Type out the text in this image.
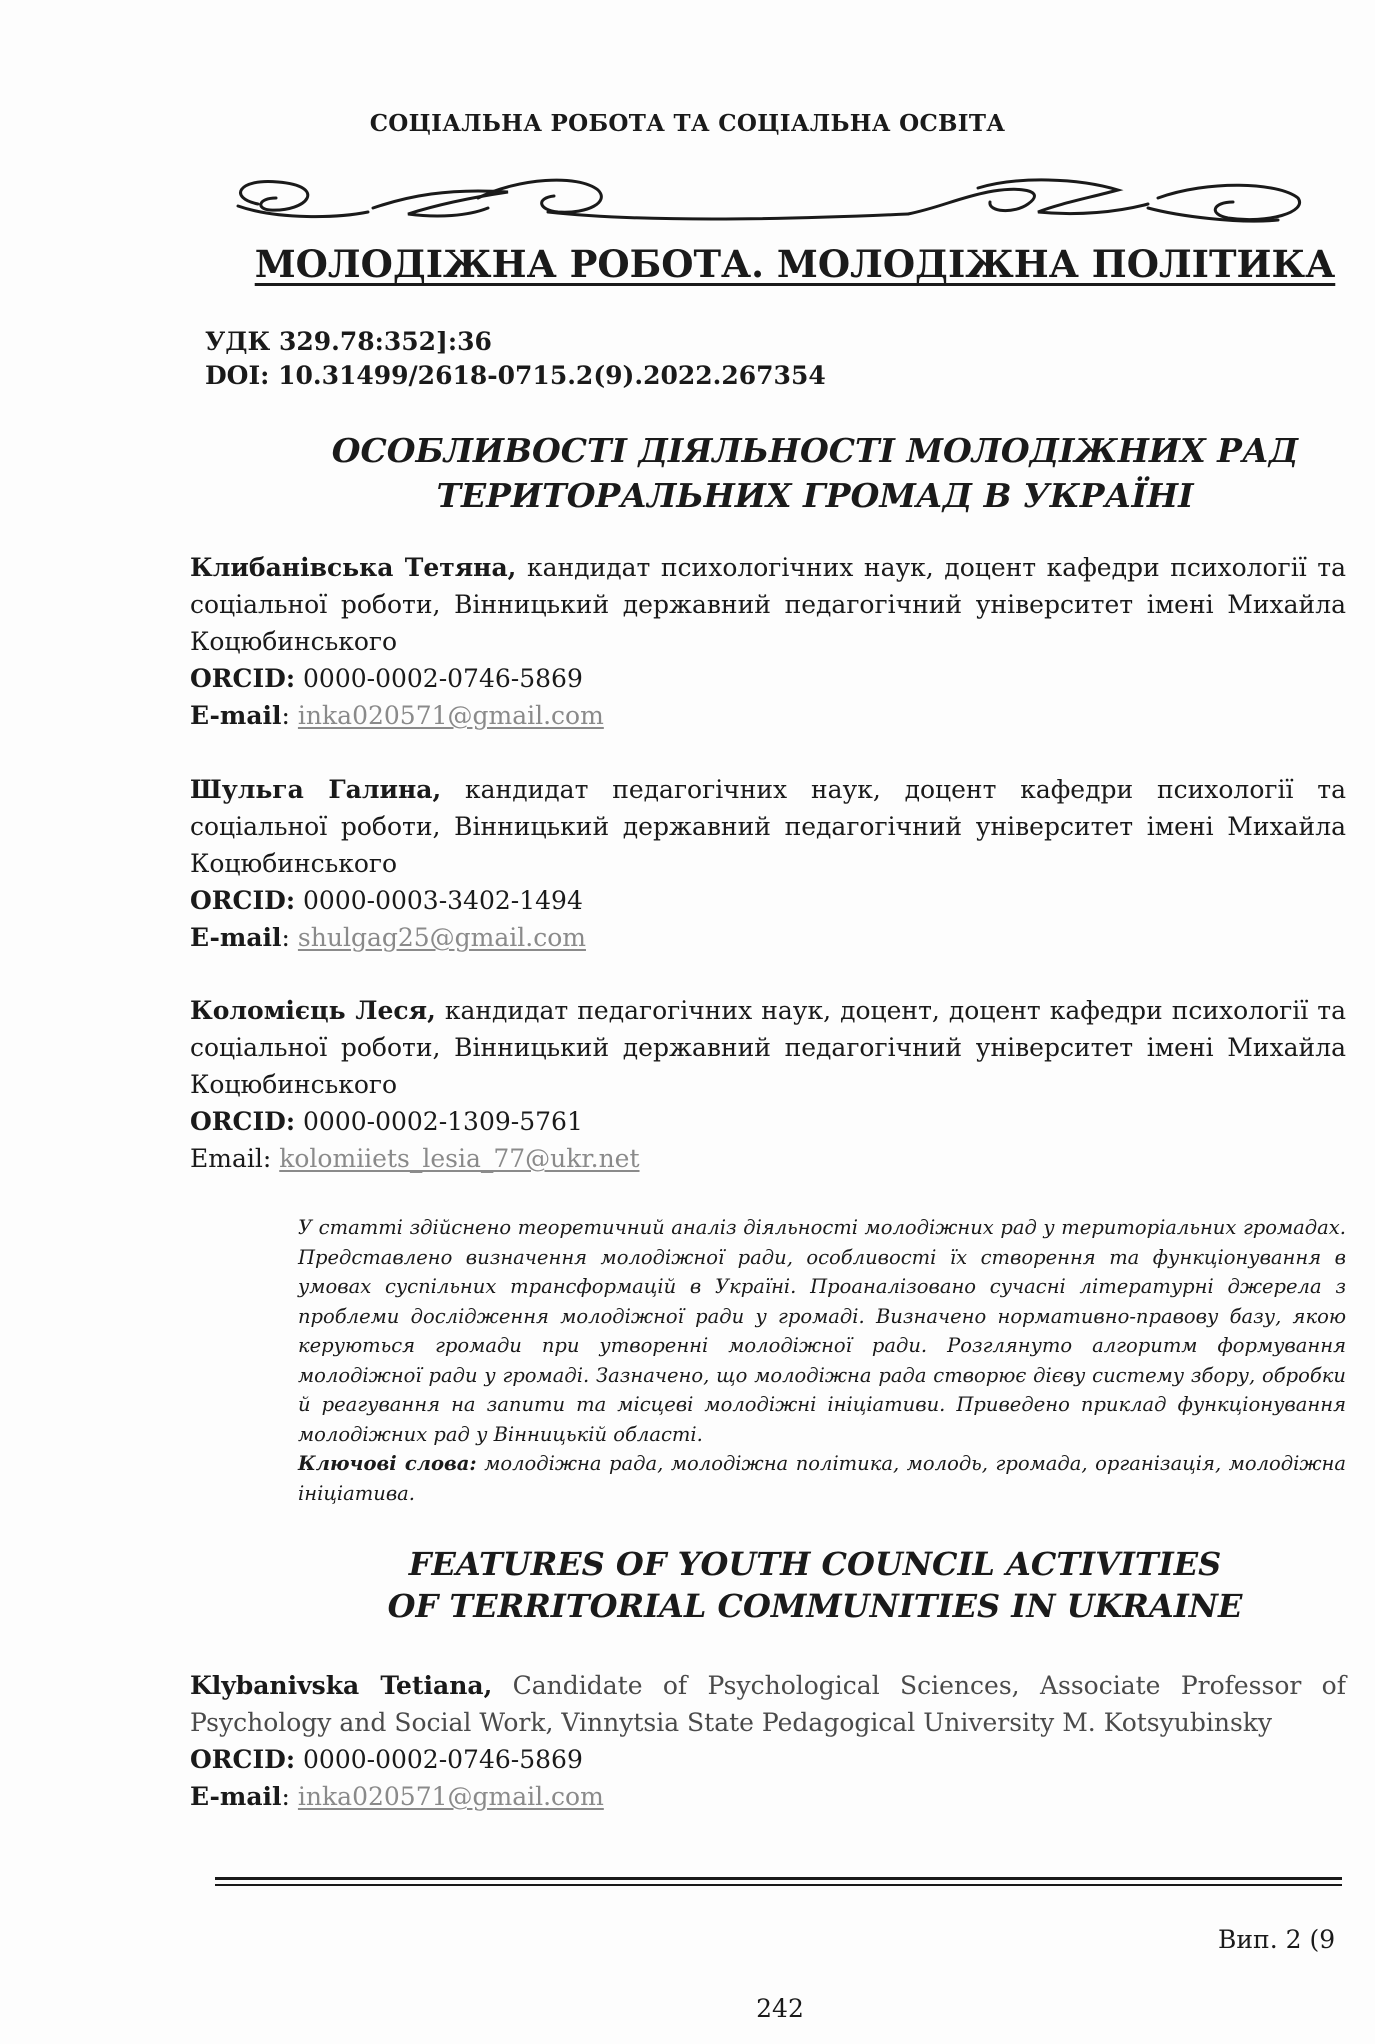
СОЦІАЛЬНА РОБОТА ТА СОЦІАЛЬНА ОСВІТА
МОЛОДІЖНА РОБОТА. МОЛОДІЖНА ПОЛІТИКА
УДК 329.78:352]:36
DOI: 10.31499/2618-0715.2(9).2022.267354
ОСОБЛИВОСТІ ДІЯЛЬНОСТІ МОЛОДІЖНИХ РАД
ТЕРИТОРАЛЬНИХ ГРОМАД В УКРАЇНІ
Клибанівська Тетяна, кандидат психологічних наук, доцент кафедри психології та соціальної роботи, Вінницький державний педагогічний університет імені Михайла Коцюбинського
ORCID: 0000-0002-0746-5869
E-mail: inka020571@gmail.com
Шульга Галина, кандидат педагогічних наук, доцент кафедри психології та соціальної роботи, Вінницький державний педагогічний університет імені Михайла Коцюбинського
ORCID: 0000-0003-3402-1494
E-mail: shulgag25@gmail.com
Коломієць Леся, кандидат педагогічних наук, доцент, доцент кафедри психології та соціальної роботи, Вінницький державний педагогічний університет імені Михайла Коцюбинського
ORCID: 0000-0002-1309-5761
Email: kolomiiets_lesia_77@ukr.net
У статті здійснено теоретичний аналіз діяльності молодіжних рад у територіальних громадах. Представлено визначення молодіжної ради, особливості їх створення та функціонування в умовах суспільних трансформацій в Україні. Проаналізовано сучасні літературні джерела з проблеми дослідження молодіжної ради у громаді. Визначено нормативно-правову базу, якою керуються громади при утворенні молодіжної ради. Розглянуто алгоритм формування молодіжної ради у громаді. Зазначено, що молодіжна рада створює дієву систему збору, обробки й реагування на запити та місцеві молодіжні ініціативи. Приведено приклад функціонування молодіжних рад у Вінницькій області.
Ключові слова: молодіжна рада, молодіжна політика, молодь, громада, організація, молодіжна ініціатива.
FEATURES OF YOUTH COUNCIL ACTIVITIES
OF TERRITORIAL COMMUNITIES IN UKRAINE
Klybanivska Tetiana, Candidate of Psychological Sciences, Associate Professor of Psychology and Social Work, Vinnytsia State Pedagogical University M. Kotsyubinsky
ORCID: 0000-0002-0746-5869
E-mail: inka020571@gmail.com
Вип. 2 (9
242
